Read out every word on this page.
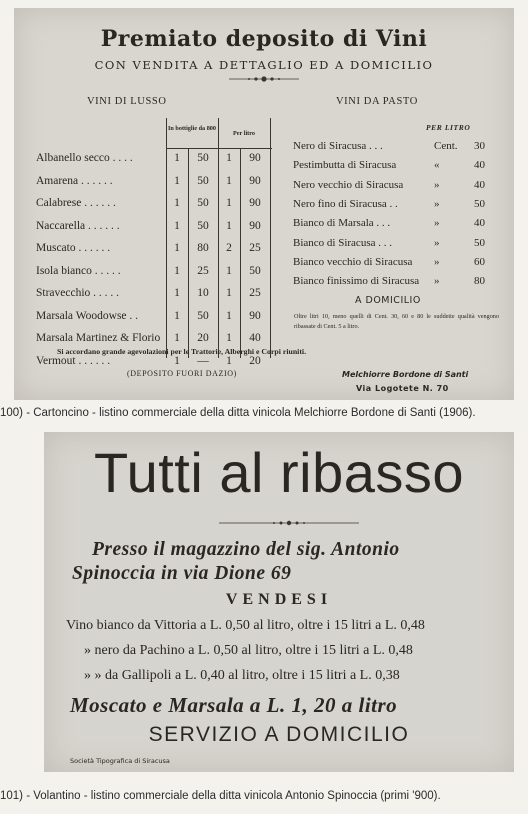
Premiato deposito di Vini
CON VENDITA A DETTAGLIO ED A DOMICILIO
VINI DI LUSSO	VINI DA PASTO
In bottiglie da 800
Per litro
Albanello secco . . . .	1	50	1	90
Amarena . . . . . .	1	50	1	90
Calabrese . . . . . .	1	50	1	90
Naccarella . . . . . .	1	50	1	90
Muscato . . . . . .	1	80	2	25
Isola bianco . . . . .	1	25	1	50
Stravecchio . . . . .	1	10	1	25
Marsala Woodowse . .	1	50	1	90
Marsala Martinez & Florio	1	20	1	40
Vermout . . . . . .	1	—	1	20
PER LITRO
Nero di Siracusa . . .	Cent. 30
Pestimbutta di Siracusa	«	40
Nero vecchio di Siracusa	»	40
Nero fino di Siracusa . .	»	50
Bianco di Marsala . . .	»	40
Bianco di Siracusa . . .	»	50
Bianco vecchio di Siracusa »	60
Bianco finissimo di Siracusa »	80
A DOMICILIO
Oltre litri 10, meno quelli di Cent. 30, 60 e 80 le suddette qualità vengono ribassate di Cent. 5 a litro.
Si accordano grande agevolazioni per le Trattorie, Alberghi e Corpi riuniti.
(DEPOSITO FUORI DAZIO)	Melchiorre Bordone di Santi
Via Logotete N. 70
100) - Cartoncino - listino commerciale della ditta vinicola Melchiorre Bordone di Santi (1906).
Tutti al ribasso
Presso il magazzino del sig. Antonio
Spinoccia in via Dione 69
VENDESI
Vino bianco da Vittoria a L. 0,50 al litro, oltre i 15 litri a L. 0,48
» nero da Pachino a L. 0,50 al litro, oltre i 15 litri a L. 0,48
» » da Gallipoli a L. 0,40 al litro, oltre i 15 litri a L. 0,38
Moscato e Marsala a L. 1, 20 a litro
SERVIZIO A DOMICILIO
Società Tipografica di Siracusa
101) - Volantino - listino commerciale della ditta vinicola Antonio Spinoccia (primi '900).
